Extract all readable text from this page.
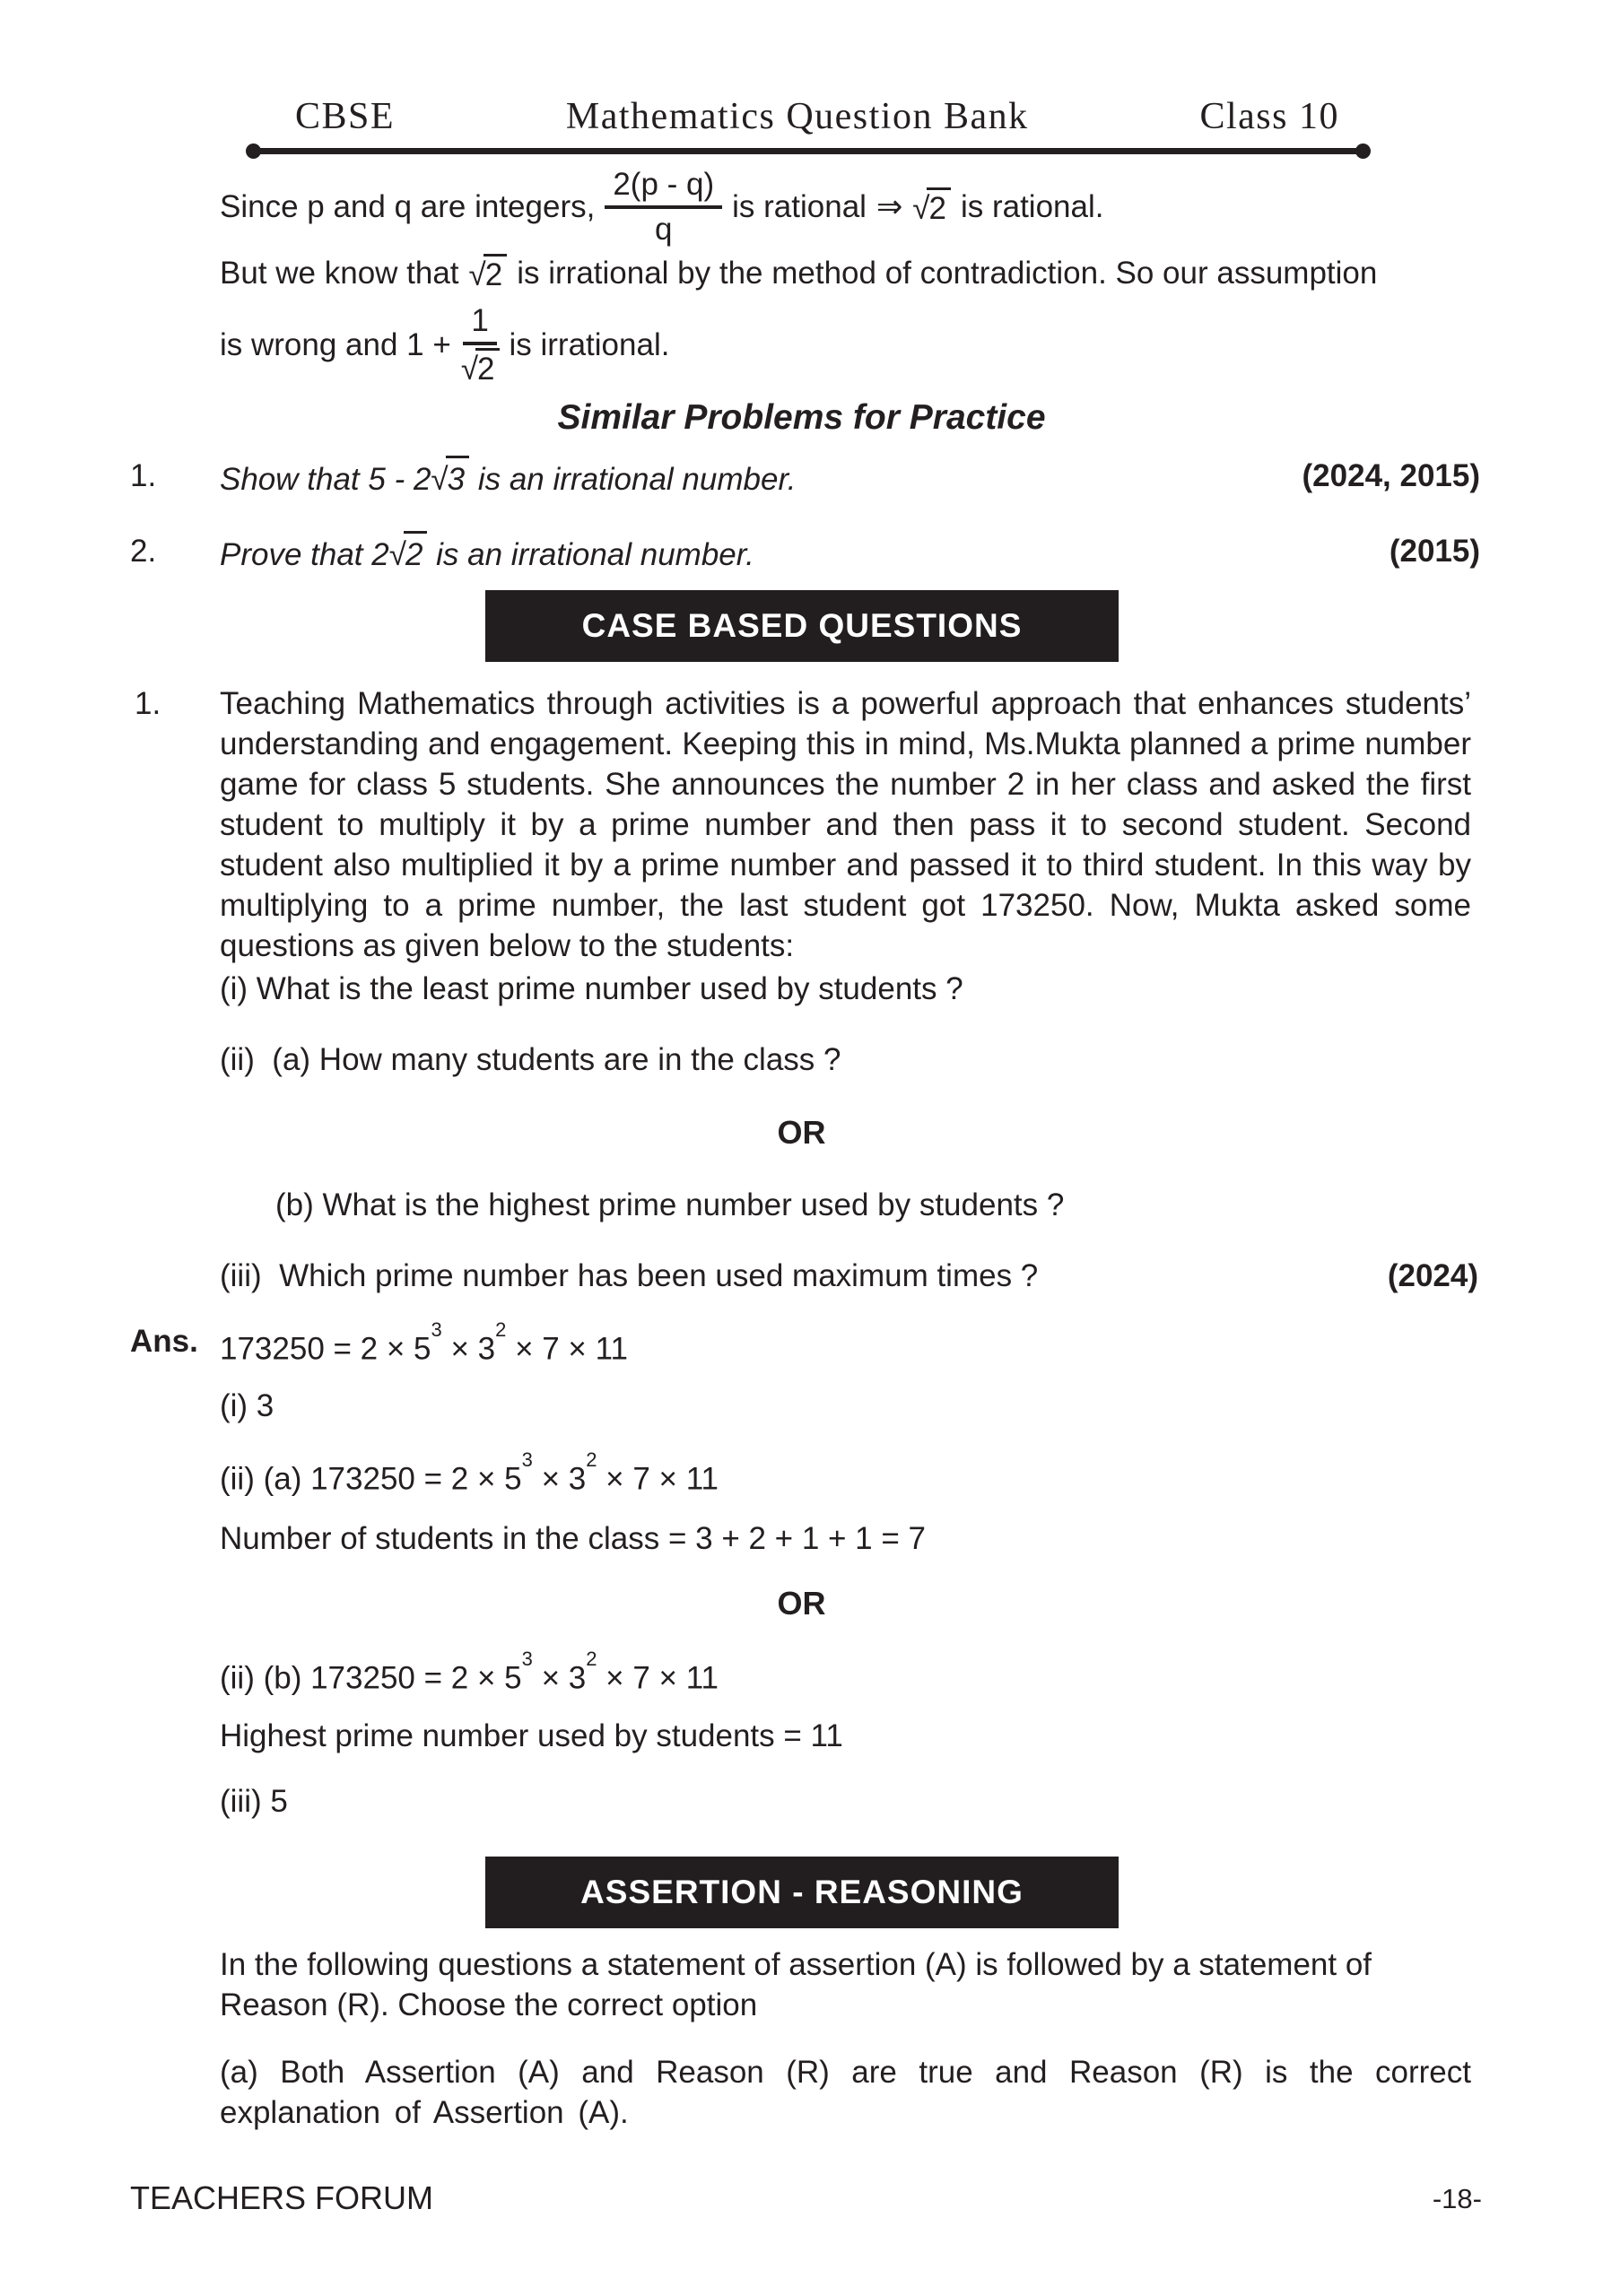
CBSE	Mathematics Question Bank	Class 10
Since p and q are integers, $\frac{2(p - q)}{q}$ is rational ⇒ √2 is rational.
But we know that √2 is irrational by the method of contradiction. So our assumption
is wrong and $1 + \frac{1}{√2}$ is irrational.
Similar Problems for Practice
1.	Show that 5 - 2√3 is an irrational number.	(2024, 2015)
2.	Prove that 2√2 is an irrational number.	(2015)
CASE BASED QUESTIONS
1. Teaching Mathematics through activities is a powerful approach that enhances students’ understanding and engagement. Keeping this in mind, Ms.Mukta planned a prime number game for class 5 students. She announces the number 2 in her class and asked the first student to multiply it by a prime number and then pass it to second student. Second student also multiplied it by a prime number and passed it to third student. In this way by multiplying to a prime number, the last student got 173250. Now, Mukta asked some questions as given below to the students:
(i) What is the least prime number used by students ?
(ii)  (a) How many students are in the class ?
OR
(b) What is the highest prime number used by students ?
(iii)  Which prime number has been used maximum times ?	(2024)
Ans. $173250 = 2 \times 5^3 \times 3^2 \times 7 \times 11$
(i) 3
(ii) (a) $173250 = 2 \times 5^3 \times 3^2 \times 7 \times 11$
Number of students in the class = 3 + 2 + 1 + 1 = 7
OR
(ii) (b) $173250 = 2 \times 5^3 \times 3^2 \times 7 \times 11$
Highest prime number used by students = 11
(iii) 5
ASSERTION - REASONING
In the following questions a statement of assertion (A) is followed by a statement of Reason (R). Choose the correct option
(a) Both Assertion (A) and Reason (R) are true and Reason (R) is the correct explanation of Assertion (A).
TEACHERS FORUM	-18-
